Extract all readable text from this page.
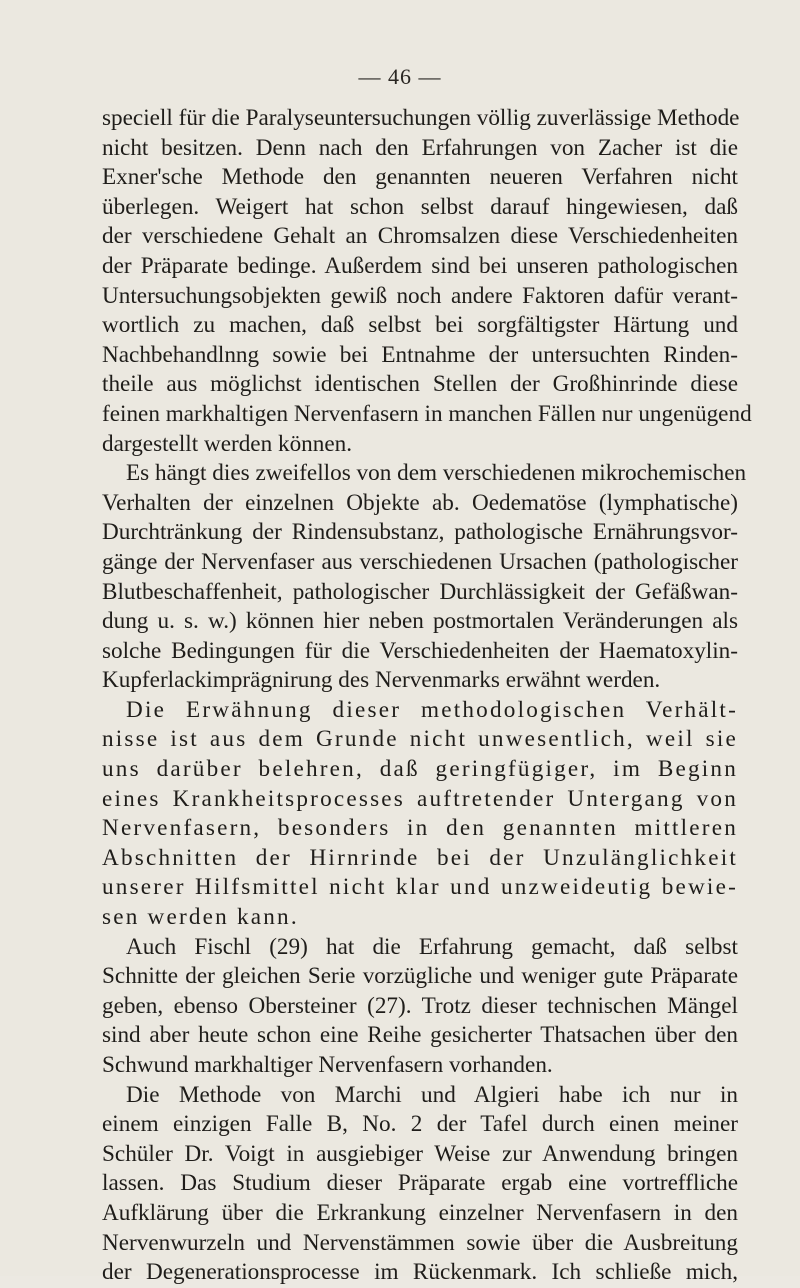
— 46 —
speciell für die Paralyseuntersuchungen völlig zuverlässige Methode
nicht besitzen. Denn nach den Erfahrungen von Zacher ist die
Exner'sche Methode den genannten neueren Verfahren nicht
überlegen. Weigert hat schon selbst darauf hingewiesen, daß
der verschiedene Gehalt an Chromsalzen diese Verschiedenheiten
der Präparate bedinge. Außerdem sind bei unseren pathologischen
Untersuchungsobjekten gewiß noch andere Faktoren dafür verant-
wortlich zu machen, daß selbst bei sorgfältigster Härtung und
Nachbehandlnng sowie bei Entnahme der untersuchten Rinden-
theile aus möglichst identischen Stellen der Großhinrinde diese
feinen markhaltigen Nervenfasern in manchen Fällen nur ungenügend
dargestellt werden können.
Es hängt dies zweifellos von dem verschiedenen mikrochemischen
Verhalten der einzelnen Objekte ab. Oedematöse (lymphatische)
Durchtränkung der Rindensubstanz, pathologische Ernährungsvor-
gänge der Nervenfaser aus verschiedenen Ursachen (pathologischer
Blutbeschaffenheit, pathologischer Durchlässigkeit der Gefäßwan-
dung u. s. w.) können hier neben postmortalen Veränderungen als
solche Bedingungen für die Verschiedenheiten der Haematoxylin-
Kupferlackimprägnirung des Nervenmarks erwähnt werden.
Die Erwähnung dieser methodologischen Verhält-
nisse ist aus dem Grunde nicht unwesentlich, weil sie
uns darüber belehren, daß geringfügiger, im Beginn
eines Krankheitsprocesses auftretender Untergang von
Nervenfasern, besonders in den genannten mittleren
Abschnitten der Hirnrinde bei der Unzulänglichkeit
unserer Hilfsmittel nicht klar und unzweideutig bewie-
sen werden kann.
Auch Fischl (29) hat die Erfahrung gemacht, daß selbst
Schnitte der gleichen Serie vorzügliche und weniger gute Präparate
geben, ebenso Obersteiner (27). Trotz dieser technischen Mängel
sind aber heute schon eine Reihe gesicherter Thatsachen über den
Schwund markhaltiger Nervenfasern vorhanden.
Die Methode von Marchi und Algieri habe ich nur in
einem einzigen Falle B, No. 2 der Tafel durch einen meiner
Schüler Dr. Voigt in ausgiebiger Weise zur Anwendung bringen
lassen. Das Studium dieser Präparate ergab eine vortreffliche
Aufklärung über die Erkrankung einzelner Nervenfasern in den
Nervenwurzeln und Nervenstämmen sowie über die Ausbreitung
der Degenerationsprocesse im Rückenmark. Ich schließe mich,
